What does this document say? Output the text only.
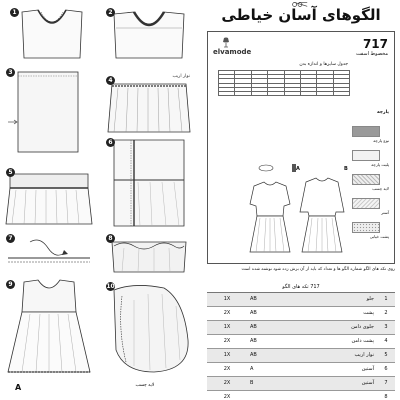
1	2
3
4
نوار اریب
5
6
7	8
9	10
لایه چسب
A
الگوهای آسان خیاطی
elvamode
717
مخصوط اسفت
جدول سایزها و اندازه بدن

پارچه
نوع پارچه
پلیت پارچه
لایه چسب
آستر
پشت خیابی
A	B
روی تکه های الگو شماره الگو ها و تعداد که باید از آن برش زده شود نوشته شده است
717 تکه های الگو			
1X	AB	جلو	1
2X	AB	پشت	2
1X	AB	جلوی دامن	3
2X	AB	پشت دامن	4
1X	AB	نوار اریب	5
2X	A	آستین	6
2X	B	آستین	7
2X			8
